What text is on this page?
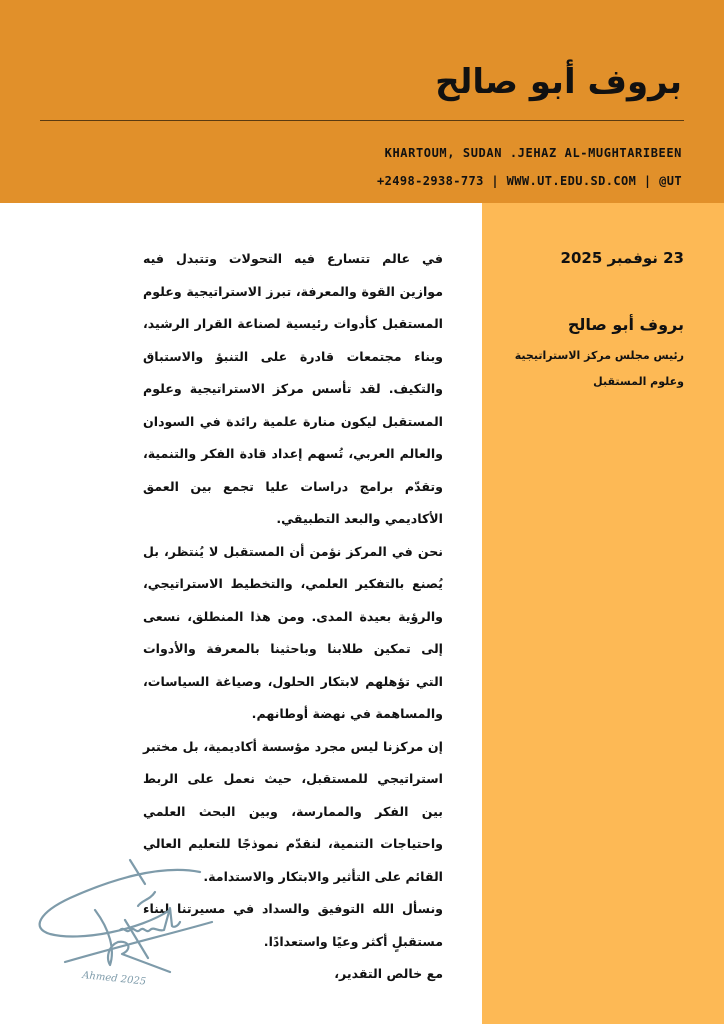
بروف أبو صالح
KHARTOUM, SUDAN .JEHAZ AL-MUGHTARIBEEN
+2498-2938-773 | WWW.UT.EDU.SD.COM | @UT
23 نوفمبر 2025
بروف أبو صالح
رئيس مجلس مركز الاستراتيجية وعلوم المستقبل

في عالم تتسارع فيه التحولات وتتبدل فيه موازين القوة والمعرفة، تبرز الاستراتيجية وعلوم المستقبل كأدوات رئيسية لصناعة القرار الرشيد، وبناء مجتمعات قادرة على التنبؤ والاستباق والتكيف. لقد تأسس مركز الاستراتيجية وعلوم المستقبل ليكون منارة علمية رائدة في السودان والعالم العربي، تُسهم إعداد قادة الفكر والتنمية، وتقدّم برامج دراسات عليا تجمع بين العمق الأكاديمي والبعد التطبيقي.

نحن في المركز نؤمن أن المستقبل لا يُنتظر، بل يُصنع بالتفكير العلمي، والتخطيط الاستراتيجي، والرؤية بعيدة المدى. ومن هذا المنطلق، نسعى إلى تمكين طلابنا وباحثينا بالمعرفة والأدوات التي تؤهلهم لابتكار الحلول، وصياغة السياسات، والمساهمة في نهضة أوطانهم.

إن مركزنا ليس مجرد مؤسسة أكاديمية، بل مختبر استراتيجي للمستقبل، حيث نعمل على الربط بين الفكر والممارسة، وبين البحث العلمي واحتياجات التنمية، لنقدّم نموذجًا للتعليم العالي القائم على التأثير والابتكار والاستدامة.

ونسأل الله التوفيق والسداد في مسيرتنا لبناء مستقبلٍ أكثر وعيًا واستعدادًا.

مع خالص التقدير،

Ahmed 2025
